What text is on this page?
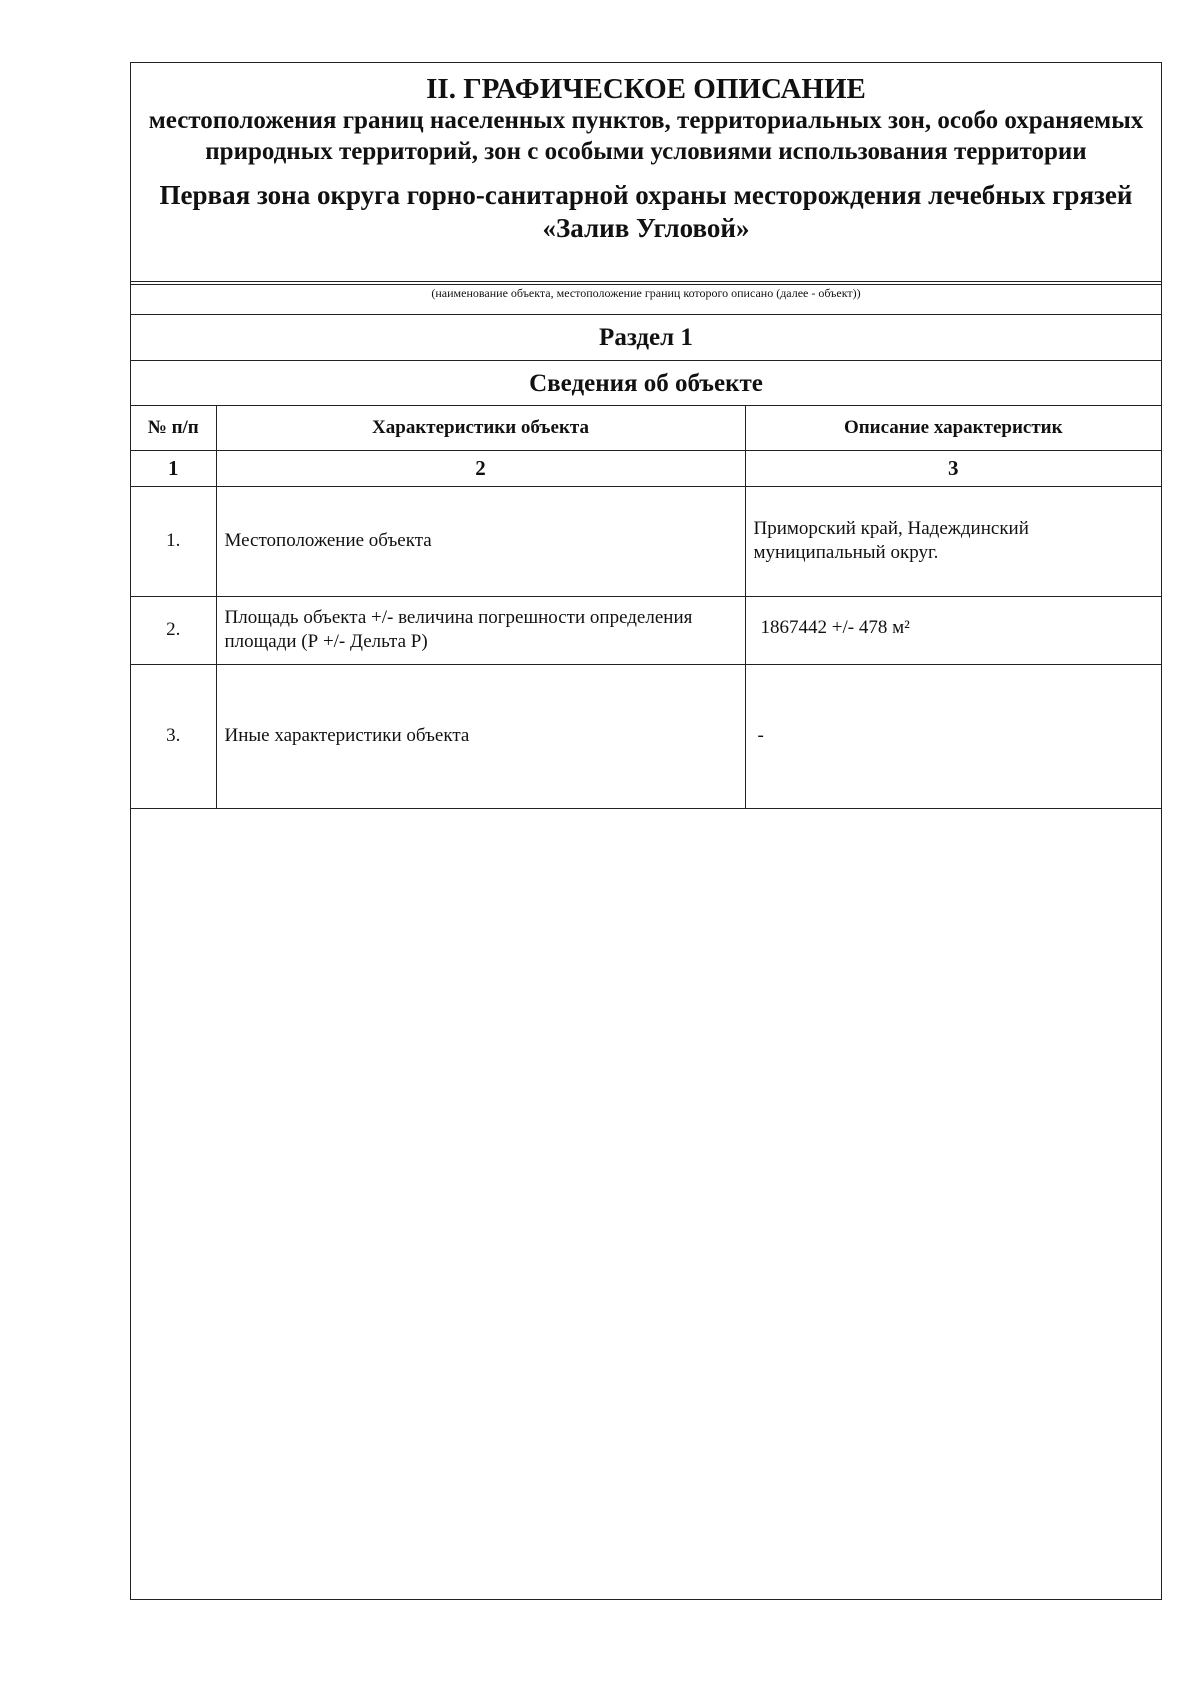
II. ГРАФИЧЕСКОЕ ОПИСАНИЕ
местоположения границ населенных пунктов, территориальных зон, особо охраняемых природных территорий, зон с особыми условиями использования территории
Первая зона округа горно-санитарной охраны месторождения лечебных грязей
«Залив Угловой»
(наименование объекта, местоположение границ которого описано (далее - объект))
Раздел 1
Сведения об объекте
№ п/п	Характеристики объекта	Описание характеристик
1	2	3
1.	Местоположение объекта	Приморский край, Надеждинский муниципальный округ.
2.	Площадь объекта +/- величина погрешности определения площади (Р +/- Дельта Р)	1867442 +/- 478 м²
3.	Иные характеристики объекта	-
